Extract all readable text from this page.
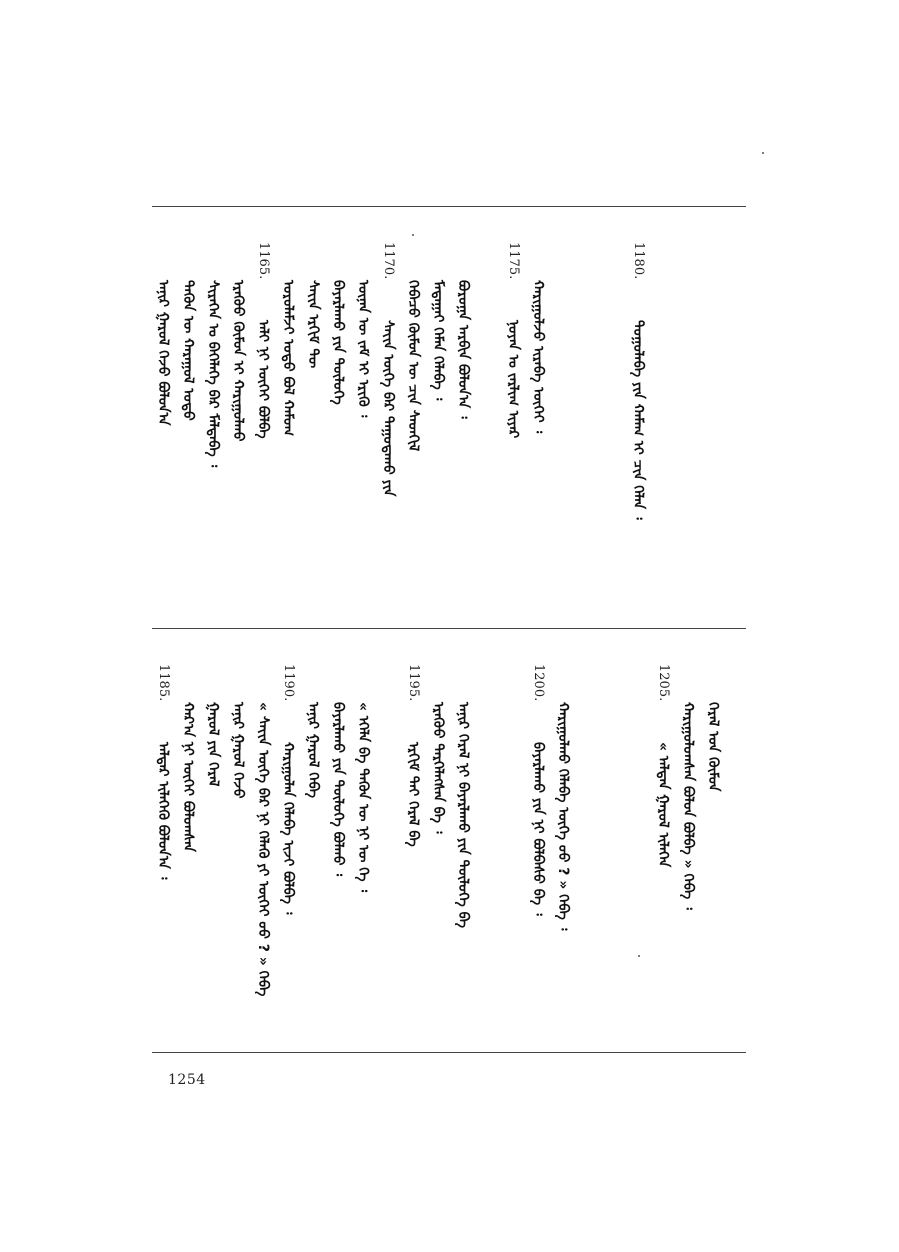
ᠠᠨᠢᠷ ᠭᠠᠷᠤᠯ ᠭᠡᠵᠦ ᠪᠣᠯᠤᠨ᠎ᠠ ᠲᠡᠭᠦᠨ ᠦ ᠬᠠᠷᠠᠭᠤᠯ ᠤᠳᠤ ᠰᠢᠷᠡᠭᠡᠨ ᠤ ᠪᠡᠭᠡᠯᠡᠭᠡ ᠪᠡᠷ ᠮᠠᠯᠲᠠᠪᠠ ᠄ ᠡᠷᠡᠭᠦᠦ ᠬᠦᠮᠦᠨ ᠢ ᠬᠠᠷᠢᠭᠤᠯᠬᠤ
1165.
ᠠᠯᠢ ᠨᠢ ᠦᠭᠡᠢ ᠪᠣᠯᠪᠠ ᠣᠷᠣᠯᠠᠮᠵᠢ ᠣᠳᠣ ᠪᠣᠯ ᠬᠠᠮᠤᠭ ᠰᠠᠶ᠋ᠢᠨ ᠡᠷᠬᠢᠮ ᠲᠦ ᠪᠠᠶᠠᠷᠯᠠᠬᠤ ᠶᠢᠨ ᠲᠥᠯᠦᠭᠡ ᠦᠨᠡᠨ ᠦ ᠵᠠᠮ ᠢ ᠡᠷᠢᠬᠦ ᠄
1170.
ᠰᠠᠶ᠋ᠢᠨ ᠦᠭᠡ ᠪᠠᠷ ᠳᠠᠭᠤᠳᠠᠬᠤ ᠶᠢᠨ ᠭᠡᠪᠡᠴᠦ ᠬᠦᠮᠦᠨ ᠦ ᠴᠢᠨ ᠰᠡᠳᠬᠢᠯ ᠮᠠᠲᠠᠭᠠᠢ ᠬᠡᠮᠡᠨ ᠬᠡᠯᠡᠪᠡ ᠄ ᠪᠣᠷᠣᠭᠠ ᠠᠷᠪᠢᠨ ᠪᠣᠯᠤᠨ᠎ᠠ ᠄
1175.
ᠨᠣᠶᠠᠨ ᠤ ᠵᠠᠷᠯᠢᠭ ᠢᠶᠠᠷ ᠬᠠᠷᠢᠭᠤᠯᠵᠤ ᠢᠷᠡᠪᠡ ᠦᠭᠡᠢ ᠄
1180.
ᠳᠤᠭᠤᠯᠠᠪᠠ ᠶᠢᠨ ᠬᠠᠮᠠᠭ ᠢ ᠴᠢᠨ ᠬᠡᠯᠡᠨ ᠄
1185.
ᠠᠯᠳᠠᠷ ᠢᠯᠡᠭᠡᠬᠦ ᠪᠣᠯᠤᠨ᠎ᠠ ᠄ ᠬᠠᠷ᠎ᠠ ᠨᠢ ᠦᠭᠡᠢ ᠪᠣᠯᠤᠭᠰᠠᠨ ᠭᠠᠷᠤᠯ ᠶᠢᠨ ᠭᠡᠷᠡᠯ ᠠᠨᠢᠷ ᠭᠠᠷᠤᠯ ᠭᠡᠵᠦ « ᠰᠠᠶ᠋ᠢᠨ ᠦᠭᠡ ᠪᠡᠷ ᠨᠢ ᠬᠡᠯᠡᠬᠦ ᠶᠢ ᠦᠭᠡᠢ ᠦᠦ ? » ᠭᠡᠪᠡ
1190.
ᠬᠠᠷᠢᠭᠤᠯᠠᠨ ᠬᠡᠯᠡᠪᠡ ᠢᠵᠢ ᠪᠣᠯᠪᠠ ᠄ ᠠᠨᠢᠷ ᠭᠠᠷᠤᠯ ᠭᠡᠪᠡ ᠪᠠᠶᠠᠷᠯᠠᠬᠤ ᠶᠢᠨ ᠲᠥᠯᠦᠭᠡ ᠪᠣᠯᠬᠤ ᠄ « ᠡᠭᠡᠯᠡ ᠪᠡ ᠲᠡᠭᠦᠨ ᠦ ᠨᠢ ᠦ ᠭᠡ ᠄
1195.
ᠡᠷᠬᠢᠮ ᠲᠠᠢ ᠭᠡᠷᠡᠯ ᠪᠡ ᠡᠷᠡᠭᠦᠦ ᠲᠡᠷᠭᠡᠯᠡᠭᠰᠡᠨ ᠪᠡ ᠄ ᠠᠨᠢᠷ ᠭᠡᠷᠡᠯ ᠨᠢ ᠪᠠᠶᠠᠷᠯᠠᠬᠤ ᠶᠢᠨ ᠲᠥᠯᠦᠭᠡ ᠪᠡ
1200.
ᠪᠠᠶᠠᠷᠯᠠᠬᠤ ᠶᠢᠨ ᠨᠢ ᠪᠣᠯᠪᠠᠰᠤ ᠪᠡ ᠄ ᠬᠠᠷᠢᠭᠤᠯᠬᠤ ᠬᠡᠯᠡᠪᠡ ᠦᠭᠡ ᠦᠦ ? » ᠭᠡᠪᠡ ᠄
1205.
« ᠠᠯᠲᠠᠨ ᠭᠠᠷᠤᠯ ᠢᠯᠡᠭᠡᠨ ᠬᠠᠷᠢᠭᠤᠯᠤᠭᠰᠠᠨ ᠪᠣᠯᠤᠨ ᠪᠣᠯᠪᠠ » ᠭᠡᠪᠡ ᠄ ᠭᠡᠷᠡᠯ ᠤᠨ ᠬᠦᠮᠦᠨ
1254
